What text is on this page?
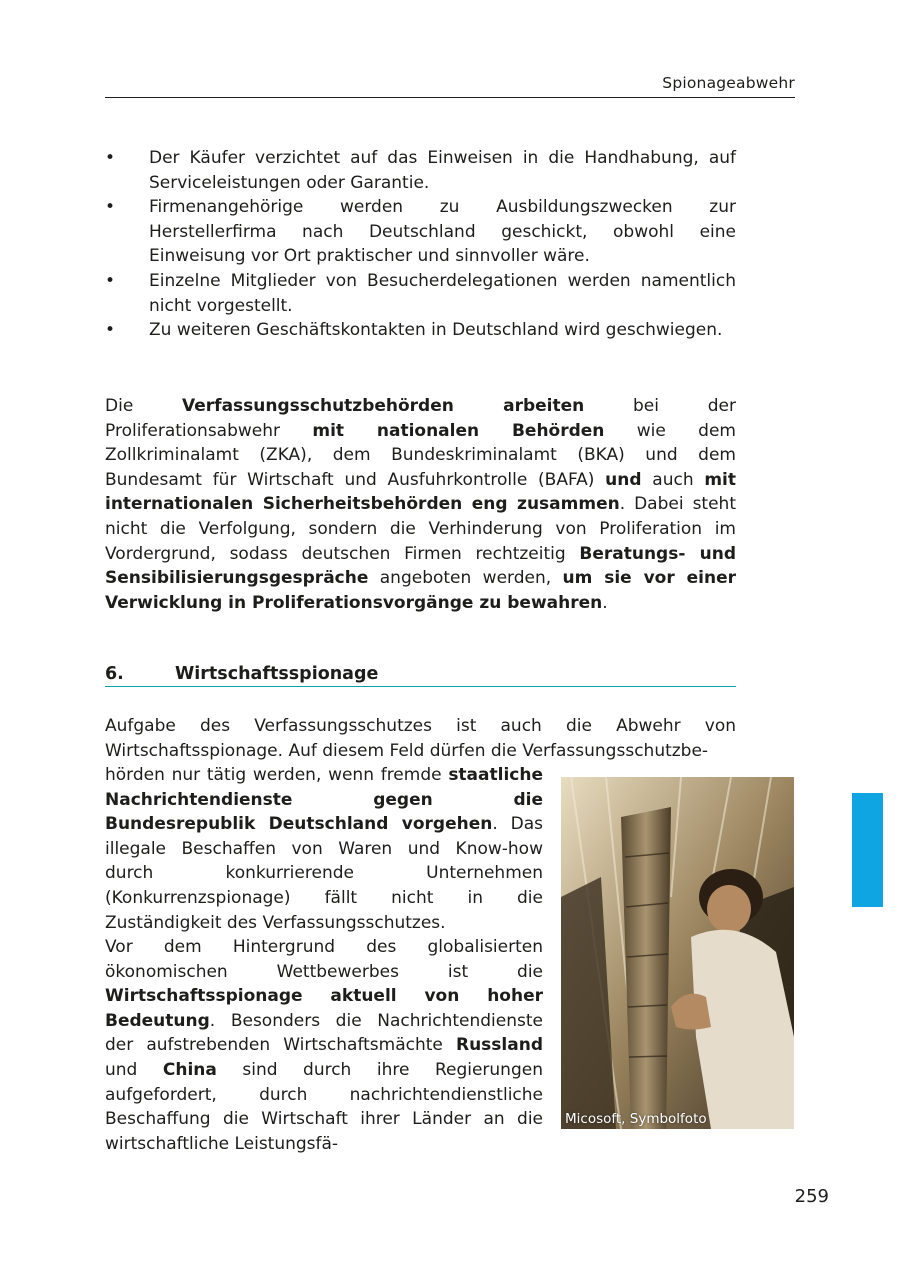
Spionageabwehr
• Der Käufer verzichtet auf das Einweisen in die Handhabung, auf Serviceleistungen oder Garantie.
• Firmenangehörige werden zu Ausbildungszwecken zur Herstellerfirma nach Deutschland geschickt, obwohl eine Einweisung vor Ort praktischer und sinnvoller wäre.
• Einzelne Mitglieder von Besucherdelegationen werden namentlich nicht vorgestellt.
• Zu weiteren Geschäftskontakten in Deutschland wird geschwiegen.

Die Verfassungsschutzbehörden arbeiten bei der Proliferationsabwehr mit nationalen Behörden wie dem Zollkriminalamt (ZKA), dem Bundeskriminalamt (BKA) und dem Bundesamt für Wirtschaft und Ausfuhrkontrolle (BAFA) und auch mit internationalen Sicherheitsbehörden eng zusammen. Dabei steht nicht die Verfolgung, sondern die Verhinderung von Proliferation im Vordergrund, sodass deutschen Firmen rechtzeitig Beratungs- und Sensibilisierungsgespräche angeboten werden, um sie vor einer Verwicklung in Proliferationsvorgänge zu bewahren.

6.	Wirtschaftsspionage

Aufgabe des Verfassungsschutzes ist auch die Abwehr von Wirtschaftsspionage. Auf diesem Feld dürfen die Verfassungsschutzbe-

hörden nur tätig werden, wenn fremde staatliche Nachrichtendienste gegen die Bundesrepublik Deutschland vorgehen. Das illegale Beschaffen von Waren und Know-how durch konkurrierende Unternehmen (Konkurrenzspionage) fällt nicht in die Zuständigkeit des Verfassungsschutzes.

Vor dem Hintergrund des globalisierten ökonomischen Wettbewerbes ist die Wirtschaftsspionage aktuell von hoher Bedeutung. Besonders die Nachrichtendienste der aufstrebenden Wirtschaftsmächte Russland und China sind durch ihre Regierungen aufgefordert, durch nachrichtendienstliche Beschaffung die Wirtschaft ihrer Länder an die wirtschaftliche Leistungsfä-

Micosoft, Symbolfoto
259
